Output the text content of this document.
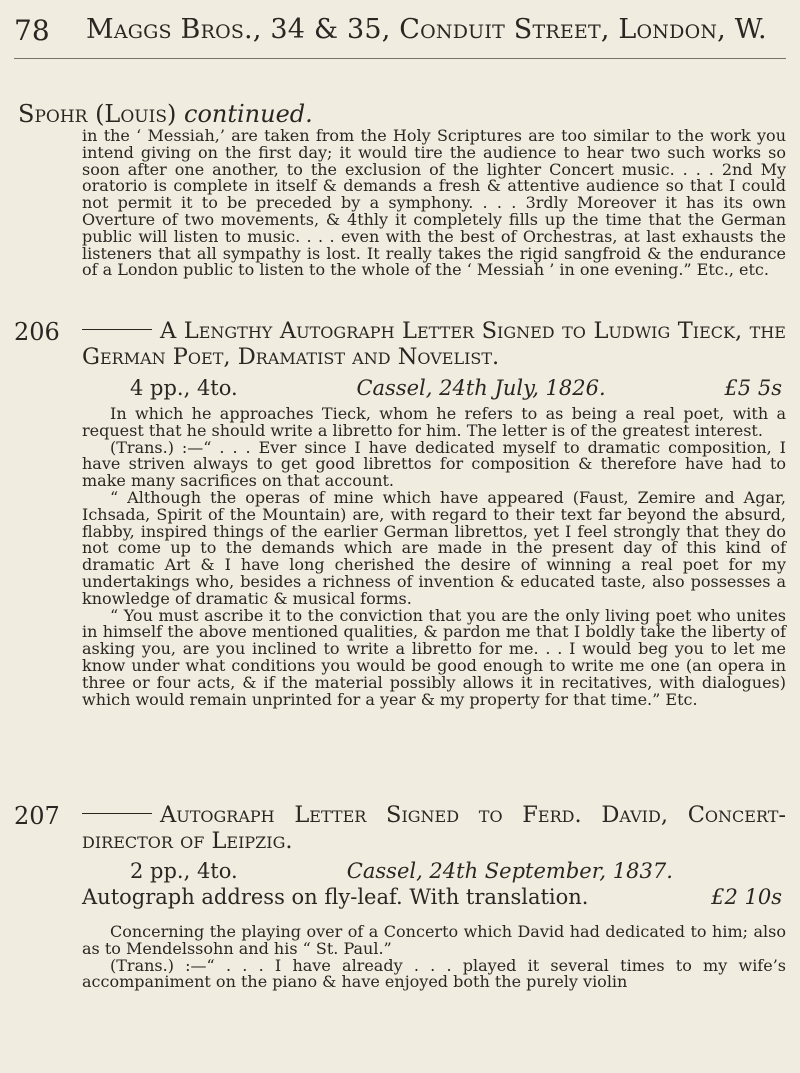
78 Maggs Bros., 34 & 35, Conduit Street, London, W.
Spohr (Louis) continued.

in the ‘ Messiah,’ are taken from the Holy Scriptures are too similar to the work you intend giving on the first day; it would tire the audience to hear two such works so soon after one another, to the exclusion of the lighter Concert music. . . . 2nd My oratorio is complete in itself & demands a fresh & attentive audience so that I could not permit it to be preceded by a symphony. . . . 3rdly Moreover it has its own Overture of two movements, & 4thly it completely fills up the time that the German public will listen to music. . . . even with the best of Orchestras, at last exhausts the listeners that all sympathy is lost. It really takes the rigid sangfroid & the endurance of a London public to listen to the whole of the ‘ Messiah ’ in one evening.” Etc., etc.

206	A Lengthy Autograph Letter Signed to Ludwig Tieck, the German Poet, Dramatist and Novelist.

4 pp., 4to.	Cassel, 24th July, 1826.	£5 5s

In which he approaches Tieck, whom he refers to as being a real poet, with a request that he should write a libretto for him. The letter is of the greatest interest.

(Trans.) :—“ . . . Ever since I have dedicated myself to dramatic composition, I have striven always to get good librettos for composition & therefore have had to make many sacrifices on that account.

“ Although the operas of mine which have appeared (Faust, Zemire and Agar, Ichsada, Spirit of the Mountain) are, with regard to their text far beyond the absurd, flabby, inspired things of the earlier German librettos, yet I feel strongly that they do not come up to the demands which are made in the present day of this kind of dramatic Art & I have long cherished the desire of winning a real poet for my undertakings who, besides a richness of invention & educated taste, also possesses a knowledge of dramatic & musical forms.

“ You must ascribe it to the conviction that you are the only living poet who unites in himself the above mentioned qualities, & pardon me that I boldly take the liberty of asking you, are you inclined to write a libretto for me. . . I would beg you to let me know under what conditions you would be good enough to write me one (an opera in three or four acts, & if the material possibly allows it in recitatives, with dialogues) which would remain unprinted for a year & my property for that time.” Etc.

207	Autograph Letter Signed to Ferd. David, Concert-director of Leipzig.

2 pp., 4to.	Cassel, 24th September, 1837.
Autograph address on fly-leaf. With translation.	£2 10s

Concerning the playing over of a Concerto which David had dedicated to him; also as to Mendelssohn and his “ St. Paul.”

(Trans.) :—“ . . . I have already . . . played it several times to my wife’s accompaniment on the piano & have enjoyed both the purely violin
